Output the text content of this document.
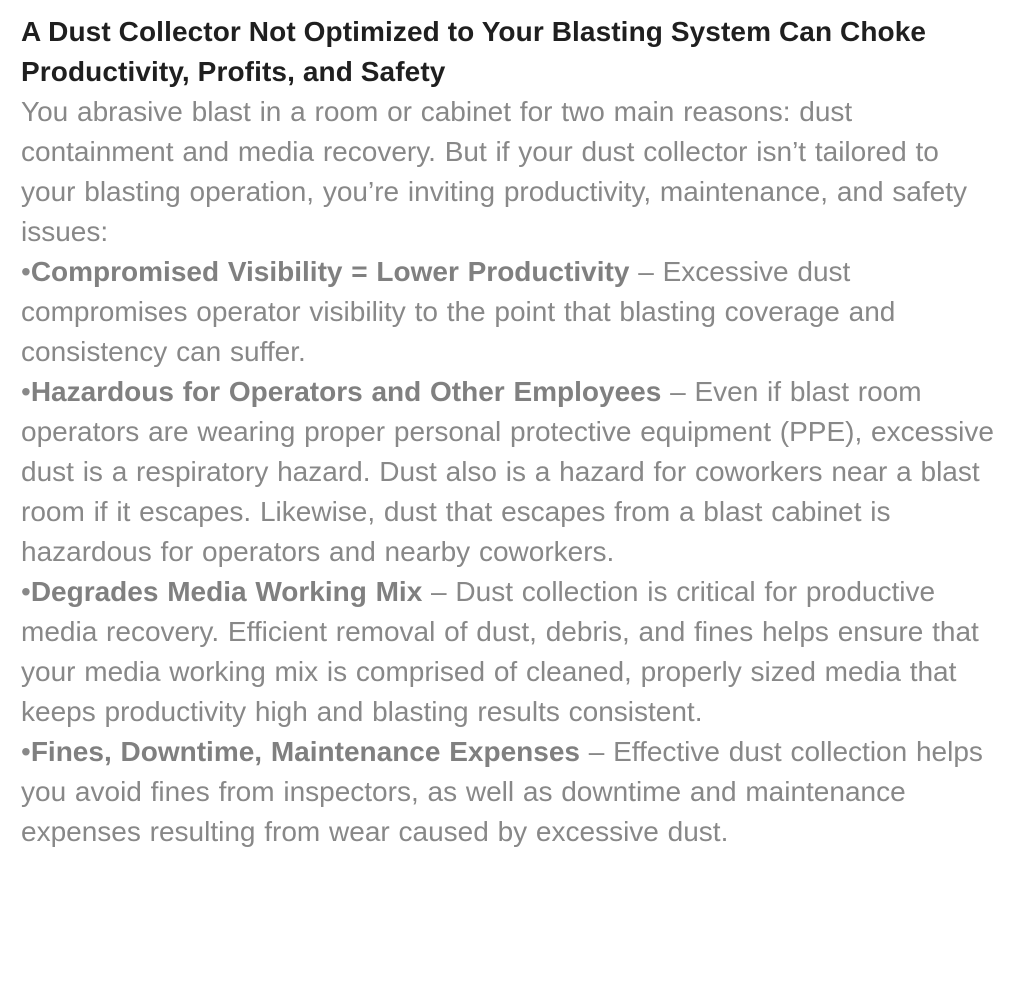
A Dust Collector Not Optimized to Your Blasting System Can Choke Productivity, Profits, and Safety

You abrasive blast in a room or cabinet for two main reasons: dust containment and media recovery. But if your dust collector isn’t tailored to your blasting operation, you’re inviting productivity, maintenance, and safety issues:

•Compromised Visibility = Lower Productivity – Excessive dust compromises operator visibility to the point that blasting coverage and consistency can suffer.

•Hazardous for Operators and Other Employees – Even if blast room operators are wearing proper personal protective equipment (PPE), excessive dust is a respiratory hazard. Dust also is a hazard for coworkers near a blast room if it escapes. Likewise, dust that escapes from a blast cabinet is hazardous for operators and nearby coworkers.

•Degrades Media Working Mix – Dust collection is critical for productive media recovery. Efficient removal of dust, debris, and fines helps ensure that your media working mix is comprised of cleaned, properly sized media that keeps productivity high and blasting results consistent.

•Fines, Downtime, Maintenance Expenses – Effective dust collection helps you avoid fines from inspectors, as well as downtime and maintenance expenses resulting from wear caused by excessive dust.
